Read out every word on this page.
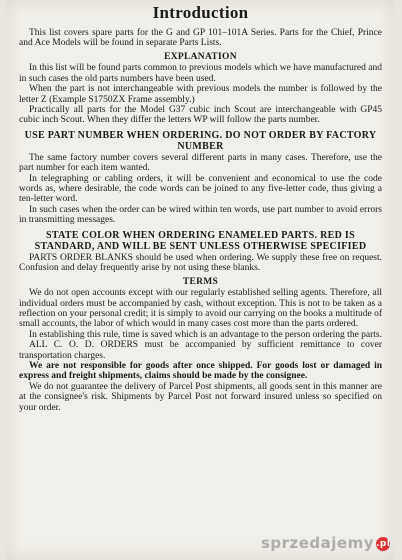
Introduction

This list covers spare parts for the G and GP 101–101A Series. Parts for the Chief, Prince and Ace Models will be found in separate Parts Lists.

EXPLANATION

In this list will be found parts common to previous models which we have manufactured and in such cases the old parts numbers have been used.

When the part is not interchangeable with previous models the number is followed by the letter Z (Example S1750ZX Frame assembly.)

Practically all parts for the Model G37 cubic inch Scout are interchangeable with GP45 cubic inch Scout. When they differ the letters WP will follow the parts number.

USE PART NUMBER WHEN ORDERING. DO NOT ORDER BY FACTORY NUMBER

The same factory number covers several different parts in many cases. Therefore, use the part number for each item wanted.

In telegraphing or cabling orders, it will be convenient and economical to use the code words as, where desirable, the code words can be joined to any five-letter code, thus giving a ten-letter word.

In such cases when the order can be wired within ten words, use part number to avoid errors in transmitting messages.

STATE COLOR WHEN ORDERING ENAMELED PARTS. RED IS STANDARD, AND WILL BE SENT UNLESS OTHERWISE SPECIFIED

PARTS ORDER BLANKS should be used when ordering. We supply these free on request. Confusion and delay frequently arise by not using these blanks.

TERMS

We do not open accounts except with our regularly established selling agents. Therefore, all individual orders must be accompanied by cash, without exception. This is not to be taken as a reflection on your personal credit; it is simply to avoid our carrying on the books a multitude of small accounts, the labor of which would in many cases cost more than the parts ordered.

In establishing this rule, time is saved which is an advantage to the person ordering the parts.

ALL C. O. D. ORDERS must be accompanied by sufficient remittance to cover transportation charges.

We are not responsible for goods after once shipped. For goods lost or damaged in express and freight shipments, claims should be made by the consignee.

We do not guarantee the delivery of Parcel Post shipments, all goods sent in this manner are at the consignee's risk. Shipments by Parcel Post not forward insured unless so specified on your order.

sprzedajemy .pl
